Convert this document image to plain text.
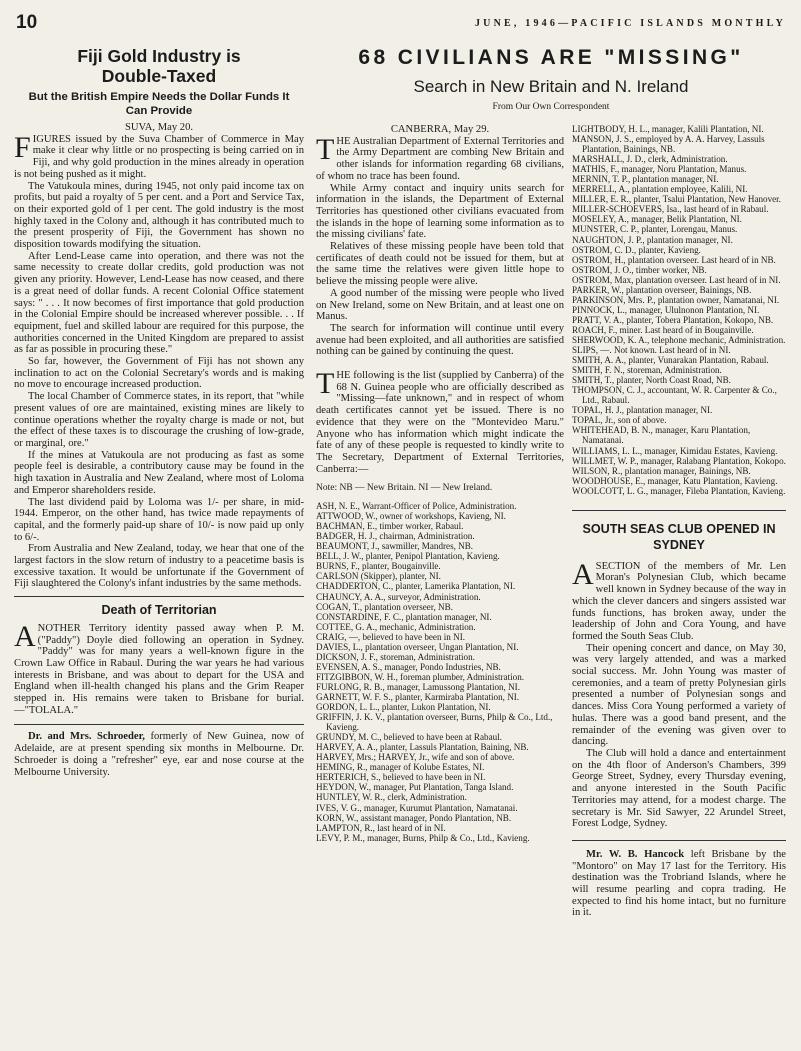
10	JUNE, 1946—PACIFIC ISLANDS MONTHLY
Fiji Gold Industry is
Double-Taxed
But the British Empire Needs the Dollar Funds It Can Provide

SUVA, May 20.

FIGURES issued by the Suva Chamber of Commerce in May make it clear why little or no prospecting is being carried on in Fiji, and why gold production in the mines already in operation is not being pushed as it might.

The Vatukoula mines, during 1945, not only paid income tax on profits, but paid a royalty of 5 per cent. and a Port and Service Tax, on their exported gold of 1 per cent. The gold industry is the most highly taxed in the Colony and, although it has contributed much to the present prosperity of Fiji, the Government has shown no disposition towards modifying the situation.

After Lend-Lease came into operation, and there was not the same necessity to create dollar credits, gold production was not given any priority. However, Lend-Lease has now ceased, and there is a great need of dollar funds. A recent Colonial Office statement says: " . . . It now becomes of first importance that gold production in the Colonial Empire should be increased wherever possible. . . If equipment, fuel and skilled labour are required for this purpose, the authorities concerned in the United Kingdom are prepared to assist as far as possible in procuring these."

So far, however, the Government of Fiji has not shown any inclination to act on the Colonial Secretary's words and is making no move to encourage increased production.

The local Chamber of Commerce states, in its report, that "while present values of ore are maintained, existing mines are likely to continue operations whether the royalty charge is made or not, but the effect of these taxes is to discourage the crushing of low-grade, or marginal, ore."

If the mines at Vatukoula are not producing as fast as some people feel is desirable, a contributory cause may be found in the high taxation in Australia and New Zealand, where most of Loloma and Emperor shareholders reside.

The last dividend paid by Loloma was 1/- per share, in mid-1944. Emperor, on the other hand, has twice made repayments of capital, and the formerly paid-up share of 10/- is now paid up only to 6/-.

From Australia and New Zealand, today, we hear that one of the largest factors in the slow return of industry to a peacetime basis is excessive taxation. It would be unfortunate if the Government of Fiji slaughtered the Colony's infant industries by the same methods.

Death of Territorian

ANOTHER Territory identity passed away when P. M. ("Paddy") Doyle died following an operation in Sydney. "Paddy" was for many years a well-known figure in the Crown Law Office in Rabaul. During the war years he had various interests in Brisbane, and was about to depart for the USA and England when ill-health changed his plans and the Grim Reaper stepped in. His remains were taken to Brisbane for burial.—"TOLALA."

Dr. and Mrs. Schroeder, formerly of New Guinea, now of Adelaide, are at present spending six months in Melbourne. Dr. Schroeder is doing a "refresher" eye, ear and nose course at the Melbourne University.

68 CIVILIANS ARE "MISSING"
Search in New Britain and N. Ireland
From Our Own Correspondent

CANBERRA, May 29.

THE Australian Department of External Territories and the Army Department are combing New Britain and other islands for information regarding 68 civilians, of whom no trace has been found.

While Army contact and inquiry units search for information in the islands, the Department of External Territories has questioned other civilians evacuated from the islands in the hope of learning some information as to the missing civilians' fate.

Relatives of these missing people have been told that certificates of death could not be issued for them, but at the same time the relatives were given little hope to believe the missing people were alive.

A good number of the missing were people who lived on New Ireland, some on New Britain, and at least one on Manus.

The search for information will continue until every avenue had been exploited, and all authorities are satisfied nothing can be gained by continuing the quest.

THE following is the list (supplied by Canberra) of the 68 N. Guinea people who are officially described as "Missing—fate unknown," and in respect of whom death certificates cannot yet be issued. There is no evidence that they were on the "Montevideo Maru." Anyone who has information which might indicate the fate of any of these people is requested to kindly write to The Secretary, Department of External Territories, Canberra:—

Note: NB — New Britain. NI — New Ireland.

ASH, N. E., Warrant-Officer of Police, Administration.

ATTWOOD, W., owner of workshops, Kavieng, NI.

BACHMAN, E., timber worker, Rabaul.

BADGER, H. J., chairman, Administration.

BEAUMONT, J., sawmiller, Mandres, NB.

BELL, J. W., planter, Penipol Plantation, Kavieng.

BURNS, F., planter, Bougainville.

CARLSON (Skipper), planter, NI.

CHADDERTON, C., planter, Lamerika Plantation, NI.

CHAUNCY, A. A., surveyor, Administration.

COGAN, T., plantation overseer, NB.

CONSTARDINE, F. C., plantation manager, NI.

COTTEE, G. A., mechanic, Administration.

CRAIG, —, believed to have been in NI.

DAVIES, L., plantation overseer, Ungan Plantation, NI.

DICKSON, J. F., storeman, Administration.

EVENSEN, A. S., manager, Pondo Industries, NB.

FITZGIBBON, W. H., foreman plumber, Administration.

FURLONG, R. B., manager, Lamussong Plantation, NI.

GARNETT, W. F. S., planter, Karmiraba Plantation, NI.

GORDON, L. L., planter, Lukon Plantation, NI.

GRIFFIN, J. K. V., plantation overseer, Burns, Philp & Co., Ltd., Kavieng.

GRUNDY, M. C., believed to have been at Rabaul.

HARVEY, A. A., planter, Lassuls Plantation, Baining, NB.

HARVEY, Mrs.; HARVEY, Jr., wife and son of above.

HEMING, R., manager of Kolube Estates, NI.

HERTERICH, S., believed to have been in NI.

HEYDON, W., manager, Put Plantation, Tanga Island.

HUNTLEY, W. R., clerk, Administration.

IVES, V. G., manager, Kurumut Plantation, Namatanai.

KORN, W., assistant manager, Pondo Plantation, NB.

LAMPTON, R., last heard of in NI.

LEVY, P. M., manager, Burns, Philp & Co., Ltd., Kavieng.

LIGHTBODY, H. L., manager, Kalili Plantation, NI.

MANSON, J. S., employed by A. A. Harvey, Lassuls Plantation, Bainings, NB.

MARSHALL, J. D., clerk, Administration.

MATHIS, F., manager, Noru Plantation, Manus.

MERNIN, T. P., plantation manager, NI.

MERRELL, A., plantation employee, Kalili, NI.

MILLER, E. R., planter, Tsalui Plantation, New Hanover.

MILLER-SCHOEVERS, Isa., last heard of in Rabaul.

MOSELEY, A., manager, Belik Plantation, NI.

MUNSTER, C. P., planter, Lorengau, Manus.

NAUGHTON, J. P., plantation manager, NI.

OSTROM, C. D., planter, Kavieng.

OSTROM, H., plantation overseer. Last heard of in NB.

OSTROM, J. O., timber worker, NB.

OSTROM, Max, plantation overseer. Last heard of in NI.

PARKER, W., plantation overseer, Bainings, NB.

PARKINSON, Mrs. P., plantation owner, Namatanai, NI.

PINNOCK, L., manager, Ululnonon Plantation, NI.

PRATT, V. A., planter, Tobera Plantation, Kokopo, NB.

ROACH, F., miner. Last heard of in Bougainville.

SHERWOOD, K. A., telephone mechanic, Administration.

SLIPS, —. Not known. Last heard of in NI.

SMITH, A. A., planter, Vunarakan Plantation, Rabaul.

SMITH, F. N., storeman, Administration.

SMITH, T., planter, North Coast Road, NB.

THOMPSON, C. J., accountant, W. R. Carpenter & Co., Ltd., Rabaul.

TOPAL, H. J., plantation manager, NI.

TOPAL, Jr., son of above.

WHITEHEAD, B. N., manager, Karu Plantation, Namatanai.

WILLIAMS, L. L., manager, Kimidau Estates, Kavieng.

WILLMET, W. P., manager, Ralabang Plantation, Kokopo.

WILSON, R., plantation manager, Bainings, NB.

WOODHOUSE, E., manager, Katu Plantation, Kavieng.

WOOLCOTT, L. G., manager, Fileba Plantation, Kavieng.

SOUTH SEAS CLUB OPENED IN
SYDNEY

A SECTION of the members of Mr. Len Moran's Polynesian Club, which became well known in Sydney because of the way in which the clever dancers and singers assisted war funds functions, has broken away, under the leadership of John and Cora Young, and have formed the South Seas Club.

Their opening concert and dance, on May 30, was very largely attended, and was a marked social success. Mr. John Young was master of ceremonies, and a team of pretty Polynesian girls presented a number of Polynesian songs and dances. Miss Cora Young performed a variety of hulas. There was a good band present, and the remainder of the evening was given over to dancing.

The Club will hold a dance and entertainment on the 4th floor of Anderson's Chambers, 399 George Street, Sydney, every Thursday evening, and anyone interested in the South Pacific Territories may attend, for a modest charge. The secretary is Mr. Sid Sawyer, 22 Arundel Street, Forest Lodge, Sydney.

Mr. W. B. Hancock left Brisbane by the "Montoro" on May 17 last for the Territory. His destination was the Trobriand Islands, where he will resume pearling and copra trading. He expected to find his home intact, but no furniture in it.
